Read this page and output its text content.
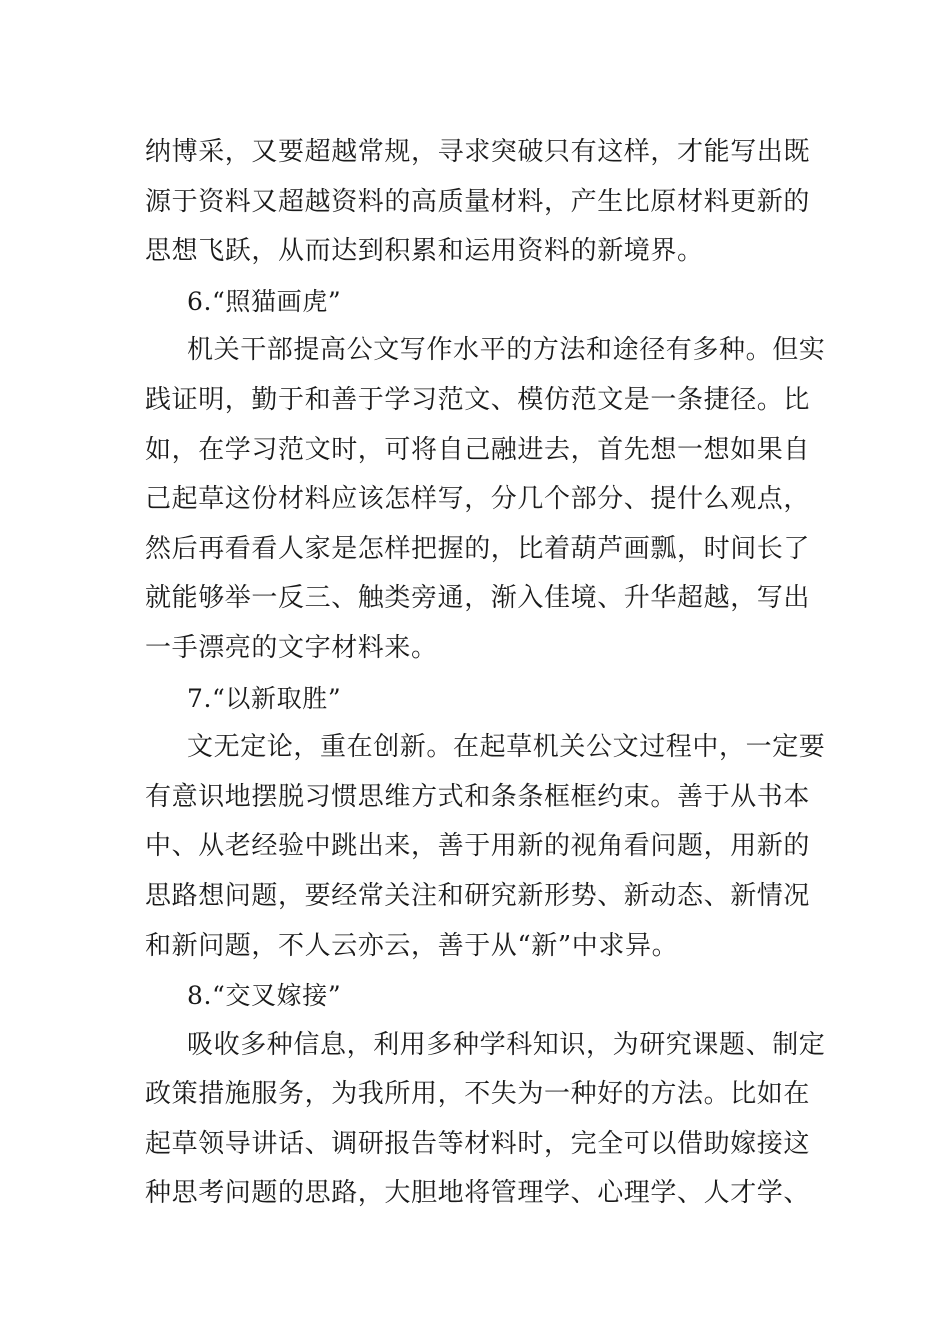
纳博采，又要超越常规，寻求突破只有这样，才能写出既
源于资料又超越资料的高质量材料，产生比原材料更新的
思想飞跃，从而达到积累和运用资料的新境界。
6.“照猫画虎”
机关干部提高公文写作水平的方法和途径有多种。但实
践证明，勤于和善于学习范文、模仿范文是一条捷径。比
如，在学习范文时，可将自己融进去，首先想一想如果自
己起草这份材料应该怎样写，分几个部分、提什么观点，
然后再看看人家是怎样把握的，比着葫芦画瓢，时间长了
就能够举一反三、触类旁通，渐入佳境、升华超越，写出
一手漂亮的文字材料来。
7.“以新取胜”
文无定论，重在创新。在起草机关公文过程中，一定要
有意识地摆脱习惯思维方式和条条框框约束。善于从书本
中、从老经验中跳出来，善于用新的视角看问题，用新的
思路想问题，要经常关注和研究新形势、新动态、新情况
和新问题，不人云亦云，善于从“新”中求异。
8.“交叉嫁接”
吸收多种信息，利用多种学科知识，为研究课题、制定
政策措施服务，为我所用，不失为一种好的方法。比如在
起草领导讲话、调研报告等材料时，完全可以借助嫁接这
种思考问题的思路，大胆地将管理学、心理学、人才学、
